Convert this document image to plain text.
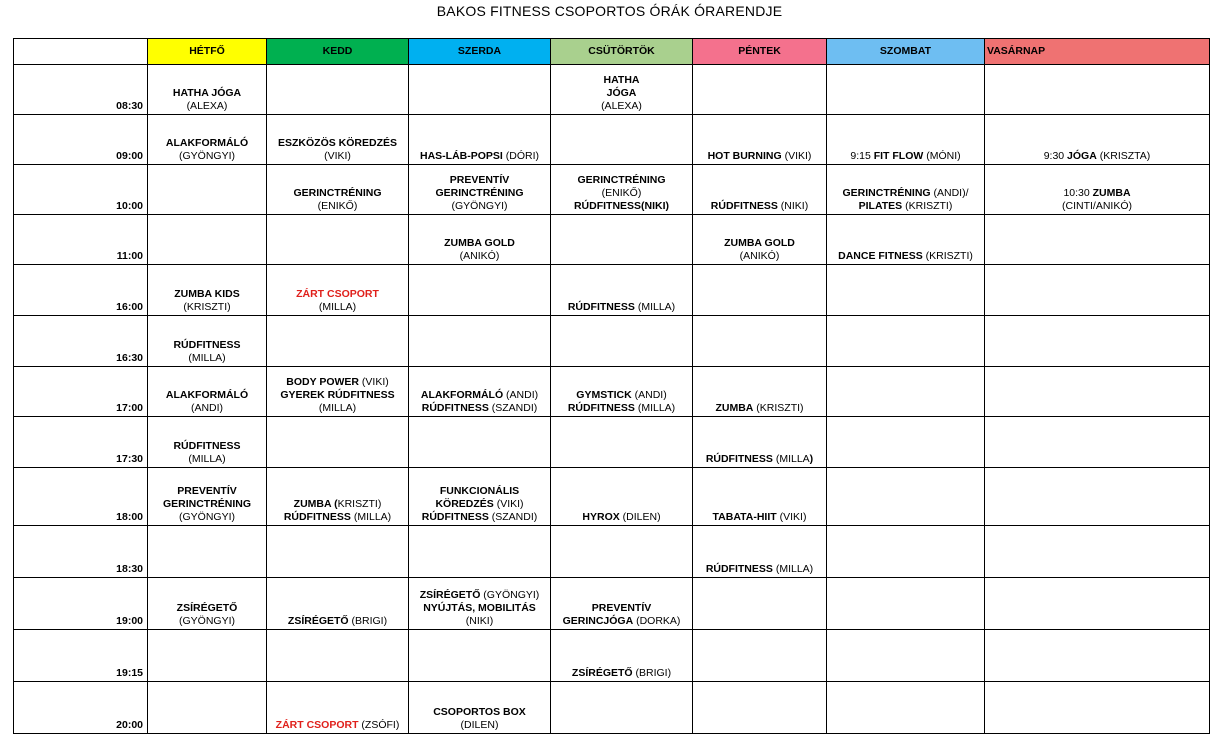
BAKOS FITNESS CSOPORTOS ÓRÁK ÓRARENDJE
	HÉTFŐ	KEDD	SZERDA	CSÜTÖRTÖK	PÉNTEK	SZOMBAT	VASÁRNAP
08:30	HATHA JÓGA
(ALEXA)			HATHA
JÓGA
(ALEXA)			

09:00	ALAKFORMÁLÓ
(GYÖNGYI)	ESZKÖZÖS KÖREDZÉS
(VIKI)	HAS-LÁB-POPSI (DÓRI)		HOT BURNING (VIKI)	9:15 FIT FLOW (MÓNI)	9:30 JÓGA (KRISZTA)

10:00		GERINCTRÉNING
(ENIKŐ)	PREVENTÍV
GERINCTRÉNING
(GYÖNGYI)	GERINCTRÉNING
(ENIKŐ)
RÚDFITNESS(NIKI)	RÚDFITNESS (NIKI)	GERINCTRÉNING (ANDI)/
PILATES (KRISZTI)	10:30 ZUMBA
(CINTI/ANIKÓ)

11:00			ZUMBA GOLD
(ANIKÓ)		ZUMBA GOLD
(ANIKÓ)	DANCE FITNESS (KRISZTI)	

16:00	ZUMBA KIDS
(KRISZTI)	ZÁRT CSOPORT
(MILLA)		RÚDFITNESS (MILLA)			

16:30	RÚDFITNESS
(MILLA)						

17:00	ALAKFORMÁLÓ
(ANDI)	BODY POWER (VIKI)
GYEREK RÚDFITNESS
(MILLA)	ALAKFORMÁLÓ (ANDI)
RÚDFITNESS (SZANDI)	GYMSTICK (ANDI)
RÚDFITNESS (MILLA)	ZUMBA (KRISZTI)		

17:30	RÚDFITNESS
(MILLA)				RÚDFITNESS (MILLA)		

18:00	PREVENTÍV
GERINCTRÉNING
(GYÖNGYI)	ZUMBA (KRISZTI)
RÚDFITNESS (MILLA)	FUNKCIONÁLIS
KÖREDZÉS (VIKI)
RÚDFITNESS (SZANDI)	HYROX (DILEN)	TABATA-HIIT (VIKI)		

18:30					RÚDFITNESS (MILLA)		

19:00	ZSÍRÉGETŐ
(GYÖNGYI)	ZSÍRÉGETŐ (BRIGI)	ZSÍRÉGETŐ (GYÖNGYI)
NYÚJTÁS, MOBILITÁS
(NIKI)	PREVENTÍV
GERINCJÓGA (DORKA)			

19:15				ZSÍRÉGETŐ (BRIGI)			

20:00		ZÁRT CSOPORT (ZSÓFI)	CSOPORTOS BOX
(DILEN)				
